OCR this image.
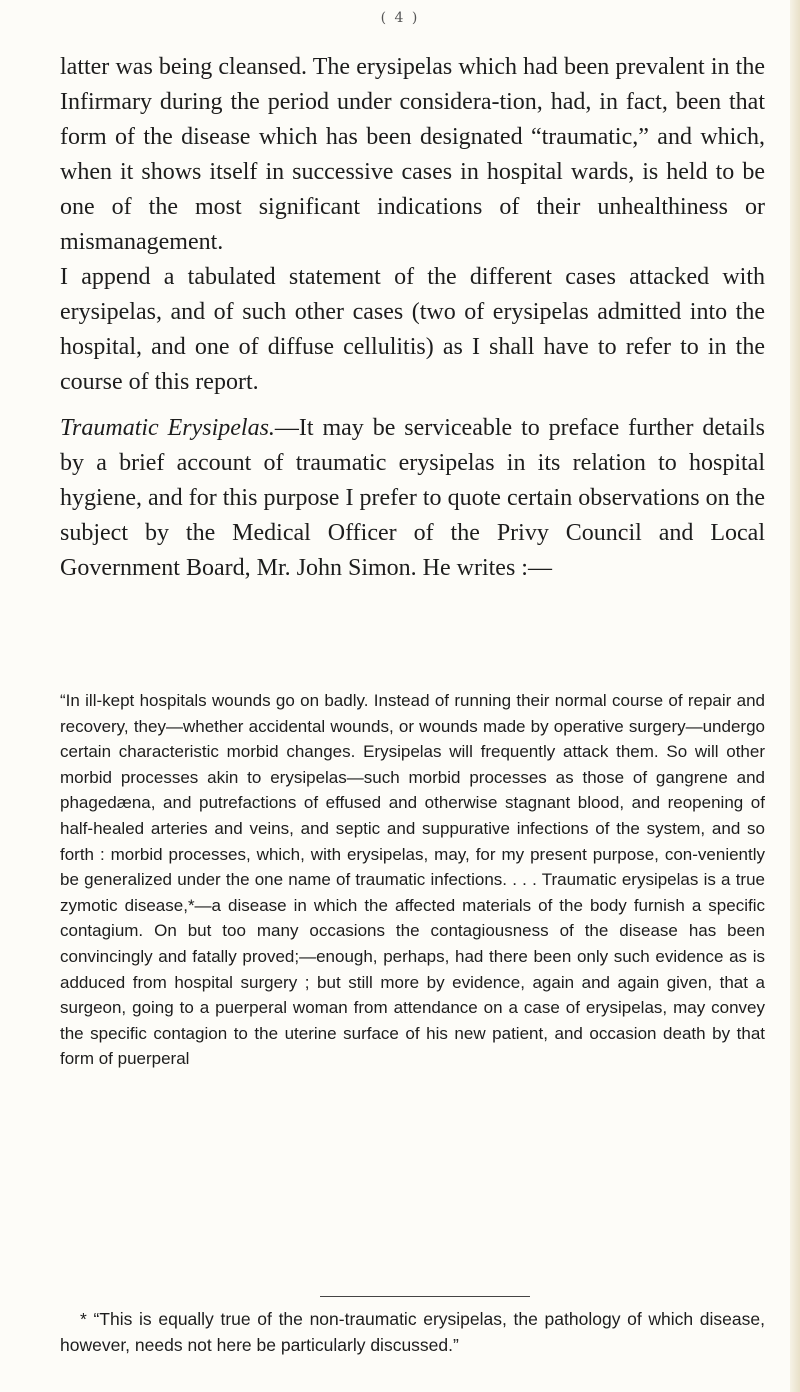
( 4 )

latter was being cleansed. The erysipelas which had been prevalent in the Infirmary during the period under considera-tion, had, in fact, been that form of the disease which has been designated “traumatic,” and which, when it shows itself in successive cases in hospital wards, is held to be one of the most significant indications of their unhealthiness or mismanagement.

I append a tabulated statement of the different cases attacked with erysipelas, and of such other cases (two of erysipelas admitted into the hospital, and one of diffuse cellulitis) as I shall have to refer to in the course of this report.

Traumatic Erysipelas.—It may be serviceable to preface further details by a brief account of traumatic erysipelas in its relation to hospital hygiene, and for this purpose I prefer to quote certain observations on the subject by the Medical Officer of the Privy Council and Local Government Board, Mr. John Simon. He writes :—

“In ill-kept hospitals wounds go on badly. Instead of running their normal course of repair and recovery, they—whether accidental wounds, or wounds made by operative surgery—undergo certain characteristic morbid changes. Erysipelas will frequently attack them. So will other morbid processes akin to erysipelas—such morbid processes as those of gangrene and phagedæna, and putrefactions of effused and otherwise stagnant blood, and reopening of half-healed arteries and veins, and septic and suppurative infections of the system, and so forth : morbid processes, which, with erysipelas, may, for my present purpose, con-veniently be generalized under the one name of traumatic infections. . . . Traumatic erysipelas is a true zymotic disease,*—a disease in which the affected materials of the body furnish a specific contagium. On but too many occasions the contagiousness of the disease has been convincingly and fatally proved;—enough, perhaps, had there been only such evidence as is adduced from hospital surgery ; but still more by evidence, again and again given, that a surgeon, going to a puerperal woman from attendance on a case of erysipelas, may convey the specific contagion to the uterine surface of his new patient, and occasion death by that form of puerperal

* “This is equally true of the non-traumatic erysipelas, the pathology of which disease, however, needs not here be particularly discussed.”
